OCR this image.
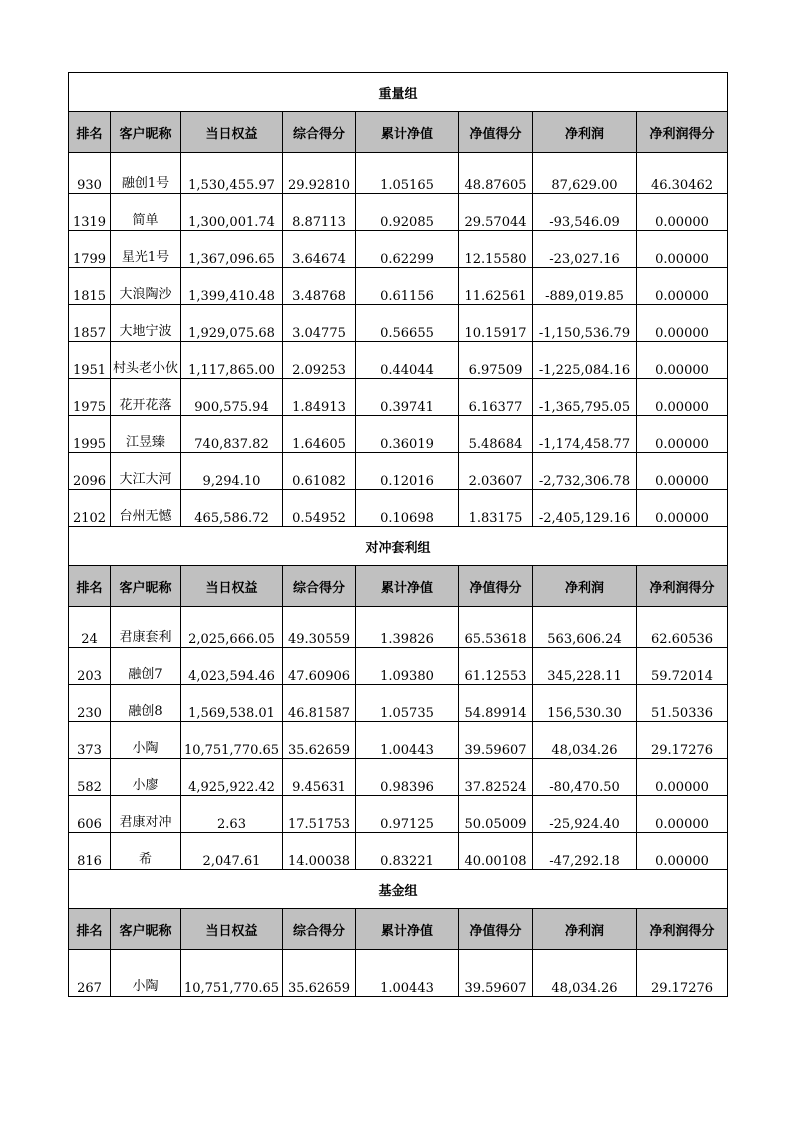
重量组							
排名	客户昵称	当日权益	综合得分	累计净值	净值得分	净利润	净利润得分
930	融创1号	1,530,455.97	29.92810	1.05165	48.87605	87,629.00	46.30462
1319	简单	1,300,001.74	8.87113	0.92085	29.57044	-93,546.09	0.00000
1799	星光1号	1,367,096.65	3.64674	0.62299	12.15580	-23,027.16	0.00000
1815	大浪陶沙	1,399,410.48	3.48768	0.61156	11.62561	-889,019.85	0.00000
1857	大地宁波	1,929,075.68	3.04775	0.56655	10.15917	-1,150,536.79	0.00000
1951	村头老小伙	1,117,865.00	2.09253	0.44044	6.97509	-1,225,084.16	0.00000
1975	花开花落	900,575.94	1.84913	0.39741	6.16377	-1,365,795.05	0.00000
1995	江昱臻	740,837.82	1.64605	0.36019	5.48684	-1,174,458.77	0.00000
2096	大江大河	9,294.10	0.61082	0.12016	2.03607	-2,732,306.78	0.00000
2102	台州无憾	465,586.72	0.54952	0.10698	1.83175	-2,405,129.16	0.00000
对冲套利组							
排名	客户昵称	当日权益	综合得分	累计净值	净值得分	净利润	净利润得分
24	君康套利	2,025,666.05	49.30559	1.39826	65.53618	563,606.24	62.60536
203	融创7	4,023,594.46	47.60906	1.09380	61.12553	345,228.11	59.72014
230	融创8	1,569,538.01	46.81587	1.05735	54.89914	156,530.30	51.50336
373	小陶	10,751,770.65	35.62659	1.00443	39.59607	48,034.26	29.17276
582	小廖	4,925,922.42	9.45631	0.98396	37.82524	-80,470.50	0.00000
606	君康对冲	2.63	17.51753	0.97125	50.05009	-25,924.40	0.00000
816	希	2,047.61	14.00038	0.83221	40.00108	-47,292.18	0.00000
基金组							
排名	客户昵称	当日权益	综合得分	累计净值	净值得分	净利润	净利润得分
267	小陶	10,751,770.65	35.62659	1.00443	39.59607	48,034.26	29.17276
